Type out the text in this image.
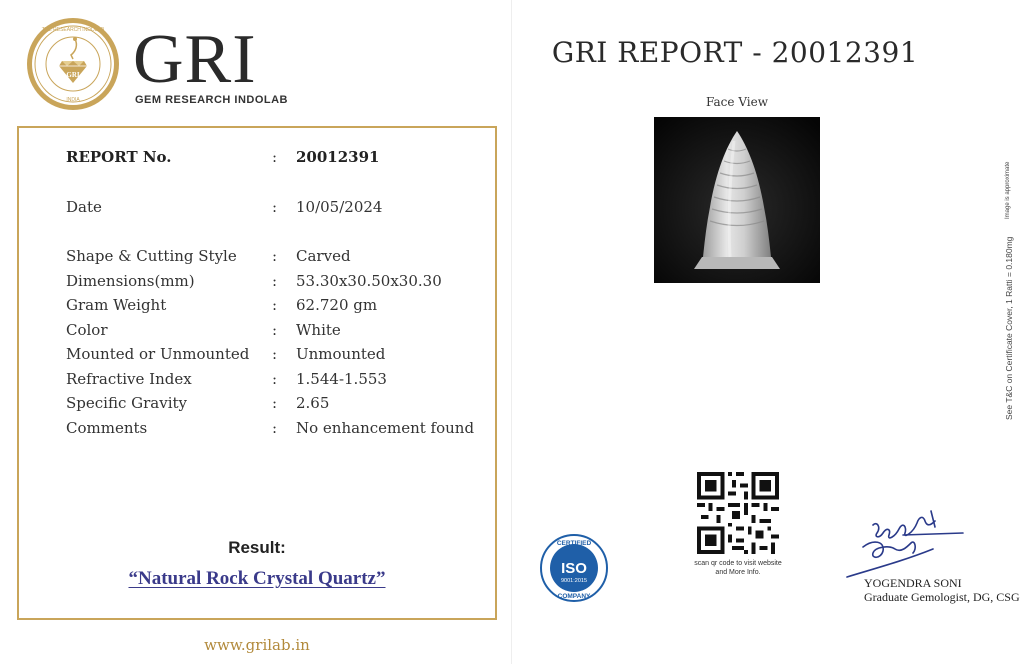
GRI
THE RESEARCH INDOLAB
INDIA
GRI
GEM RESEARCH INDOLAB
REPORT No.	: 20012391
Date	: 10/05/2024
Shape & Cutting Style : Carved
Dimensions(mm)	: 53.30x30.50x30.30
Gram Weight	: 62.720 gm
Color	: White
Mounted or Unmounted : Unmounted
Refractive Index	: 1.544-1.553
Specific Gravity	: 2.65
Comments	: No enhancement found
Result:
“Natural Rock Crystal Quartz”
www.grilab.in
GRI REPORT - 20012391
Face View
Image is approximate
See T&C on Certificate Cover, 1 Ratti = 0.180mg
scan qr code to visit website
and More Info.
CERTIFIED
ISO
9001:2015
COMPANY
YOGENDRA SONI
Graduate Gemologist, DG, CSG
